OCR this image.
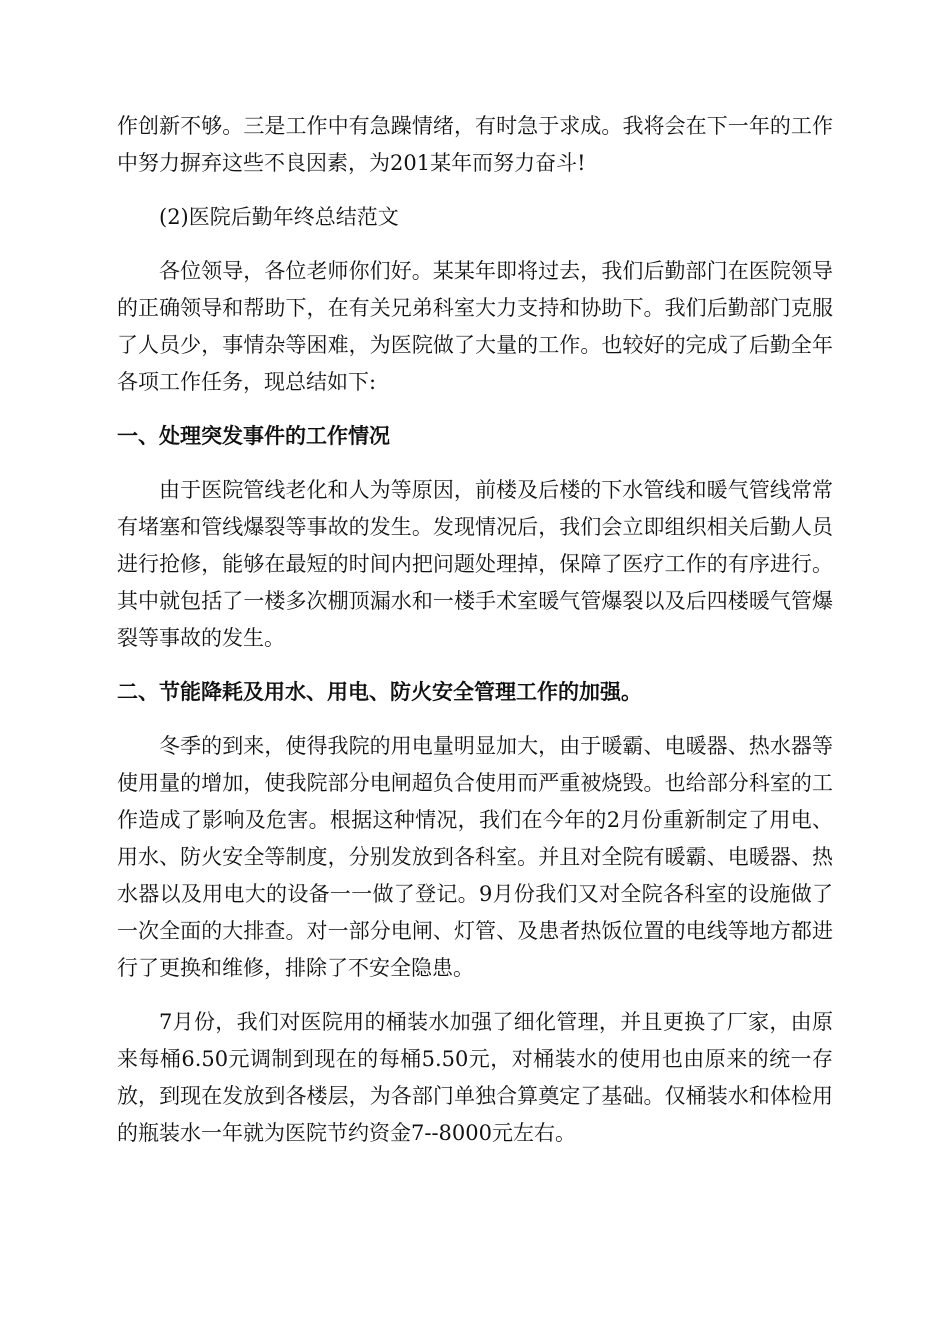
作创新不够。三是工作中有急躁情绪，有时急于求成。我将会在下一年的工作中努力摒弃这些不良因素，为201某年而努力奋斗!

(2)医院后勤年终总结范文

各位领导，各位老师你们好。某某年即将过去，我们后勤部门在医院领导的正确领导和帮助下，在有关兄弟科室大力支持和协助下。我们后勤部门克服了人员少，事情杂等困难，为医院做了大量的工作。也较好的完成了后勤全年各项工作任务，现总结如下:

一、处理突发事件的工作情况

由于医院管线老化和人为等原因，前楼及后楼的下水管线和暖气管线常常有堵塞和管线爆裂等事故的发生。发现情况后，我们会立即组织相关后勤人员进行抢修，能够在最短的时间内把问题处理掉，保障了医疗工作的有序进行。其中就包括了一楼多次棚顶漏水和一楼手术室暖气管爆裂以及后四楼暖气管爆裂等事故的发生。

二、节能降耗及用水、用电、防火安全管理工作的加强。

冬季的到来，使得我院的用电量明显加大，由于暖霸、电暖器、热水器等使用量的增加，使我院部分电闸超负合使用而严重被烧毁。也给部分科室的工作造成了影响及危害。根据这种情况，我们在今年的2月份重新制定了用电、用水、防火安全等制度，分别发放到各科室。并且对全院有暖霸、电暖器、热水器以及用电大的设备一一做了登记。9月份我们又对全院各科室的设施做了一次全面的大排查。对一部分电闸、灯管、及患者热饭位置的电线等地方都进行了更换和维修，排除了不安全隐患。

7月份，我们对医院用的桶装水加强了细化管理，并且更换了厂家，由原来每桶6.50元调制到现在的每桶5.50元，对桶装水的使用也由原来的统一存放，到现在发放到各楼层，为各部门单独合算奠定了基础。仅桶装水和体检用的瓶装水一年就为医院节约资金7--8000元左右。
